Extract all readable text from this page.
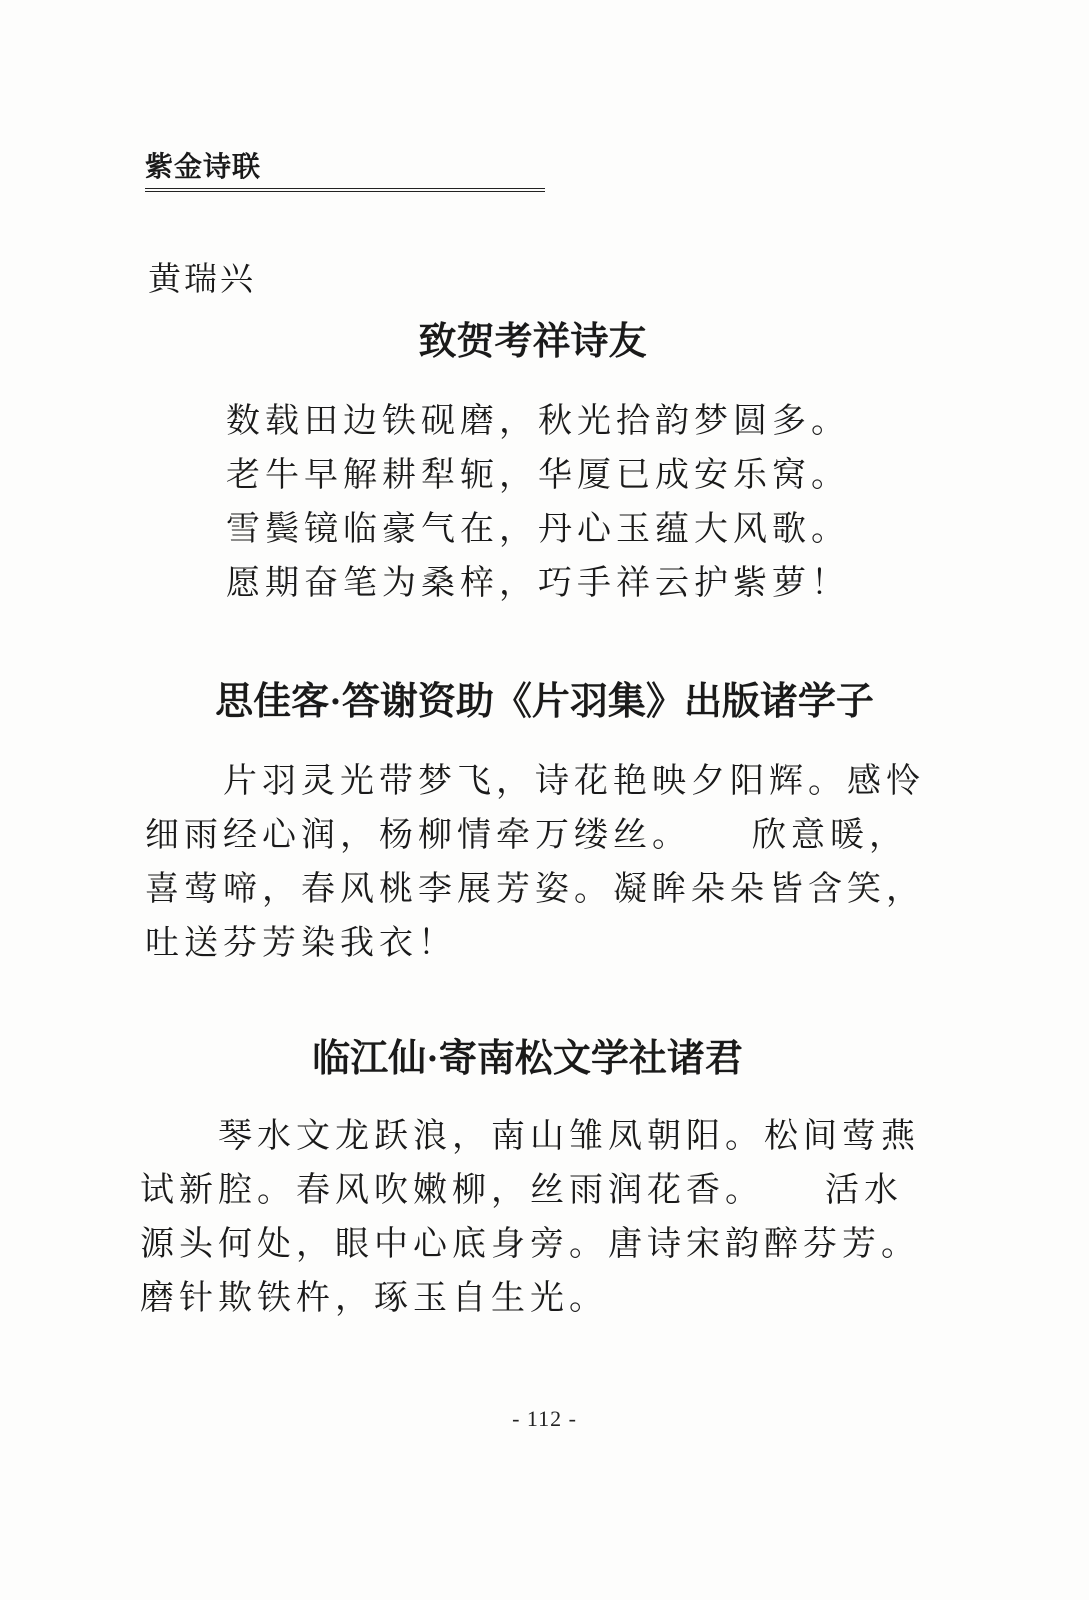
紫金诗联
黄瑞兴
致贺考祥诗友
数载田边铁砚磨，秋光拾韵梦圆多。
老牛早解耕犁轭，华厦已成安乐窝。
雪鬓镜临豪气在，丹心玉蕴大风歌。
愿期奋笔为桑梓，巧手祥云护紫萝！
思佳客·答谢资助《片羽集》出版诸学子
　　片羽灵光带梦飞，诗花艳映夕阳辉。感怜
细雨经心润，杨柳情牵万缕丝。　　欣意暖，
喜莺啼，春风桃李展芳姿。凝眸朵朵皆含笑，
吐送芬芳染我衣！
临江仙·寄南松文学社诸君
　　琴水文龙跃浪，南山雏凤朝阳。松间莺燕
试新腔。春风吹嫩柳，丝雨润花香。　　活水
源头何处，眼中心底身旁。唐诗宋韵醉芬芳。
磨针欺铁杵，琢玉自生光。
- 112 -
